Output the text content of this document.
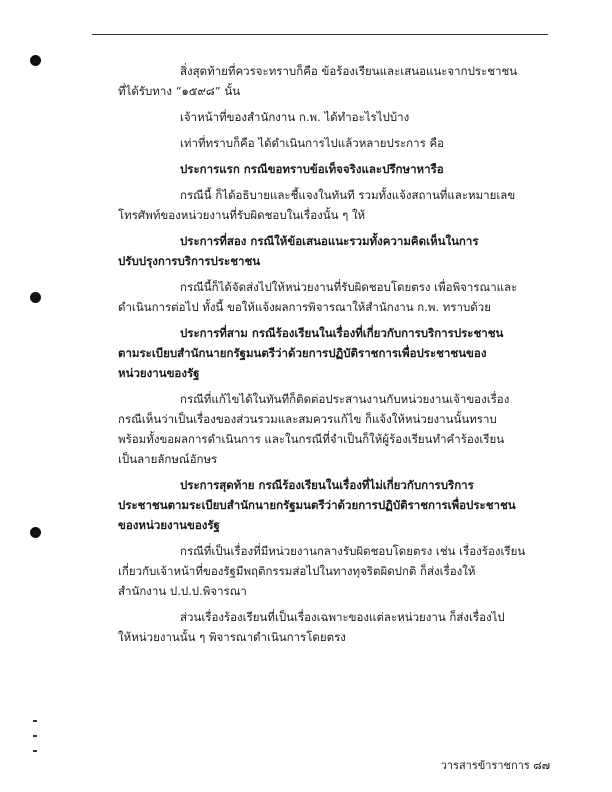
สิ่งสุดท้ายที่ควรจะทราบก็คือ ข้อร้องเรียนและเสนอแนะจากประชาชน
ที่ได้รับทาง “๑๕๙๘” นั้น
เจ้าหน้าที่ของสำนักงาน ก.พ. ได้ทำอะไรไปบ้าง
เท่าที่ทราบก็คือ ได้ดำเนินการไปแล้วหลายประการ คือ
ประการแรก กรณีขอทราบข้อเท็จจริงและปรึกษาหารือ
กรณีนี้ ก็ได้อธิบายและชี้แจงในทันที รวมทั้งแจ้งสถานที่และหมายเลข
โทรศัพท์ของหน่วยงานที่รับผิดชอบในเรื่องนั้น ๆ ให้
ประการที่สอง กรณีให้ข้อเสนอแนะรวมทั้งความคิดเห็นในการ
ปรับปรุงการบริการประชาชน
กรณีนี้ก็ได้จัดส่งไปให้หน่วยงานที่รับผิดชอบโดยตรง เพื่อพิจารณาและ
ดำเนินการต่อไป ทั้งนี้ ขอให้แจ้งผลการพิจารณาให้สำนักงาน ก.พ. ทราบด้วย
ประการที่สาม กรณีร้องเรียนในเรื่องที่เกี่ยวกับการบริการประชาชน
ตามระเบียบสำนักนายกรัฐมนตรีว่าด้วยการปฏิบัติราชการเพื่อประชาชนของ
หน่วยงานของรัฐ
กรณีที่แก้ไขได้ในทันทีก็ติดต่อประสานงานกับหน่วยงานเจ้าของเรื่อง
กรณีเห็นว่าเป็นเรื่องของส่วนรวมและสมควรแก้ไข ก็แจ้งให้หน่วยงานนั้นทราบ
พร้อมทั้งขอผลการดำเนินการ และในกรณีที่จำเป็นก็ให้ผู้ร้องเรียนทำคำร้องเรียน
เป็นลายลักษณ์อักษร
ประการสุดท้าย กรณีร้องเรียนในเรื่องที่ไม่เกี่ยวกับการบริการ
ประชาชนตามระเบียบสำนักนายกรัฐมนตรีว่าด้วยการปฏิบัติราชการเพื่อประชาชน
ของหน่วยงานของรัฐ
กรณีที่เป็นเรื่องที่มีหน่วยงานกลางรับผิดชอบโดยตรง เช่น เรื่องร้องเรียน
เกี่ยวกับเจ้าหน้าที่ของรัฐมีพฤติกรรมส่อไปในทางทุจริตผิดปกติ ก็ส่งเรื่องให้
สำนักงาน ป.ป.ป.พิจารณา
ส่วนเรื่องร้องเรียนที่เป็นเรื่องเฉพาะของแต่ละหน่วยงาน ก็ส่งเรื่องไป
ให้หน่วยงานนั้น ๆ พิจารณาดำเนินการโดยตรง
วารสารข้าราชการ ๘๗
